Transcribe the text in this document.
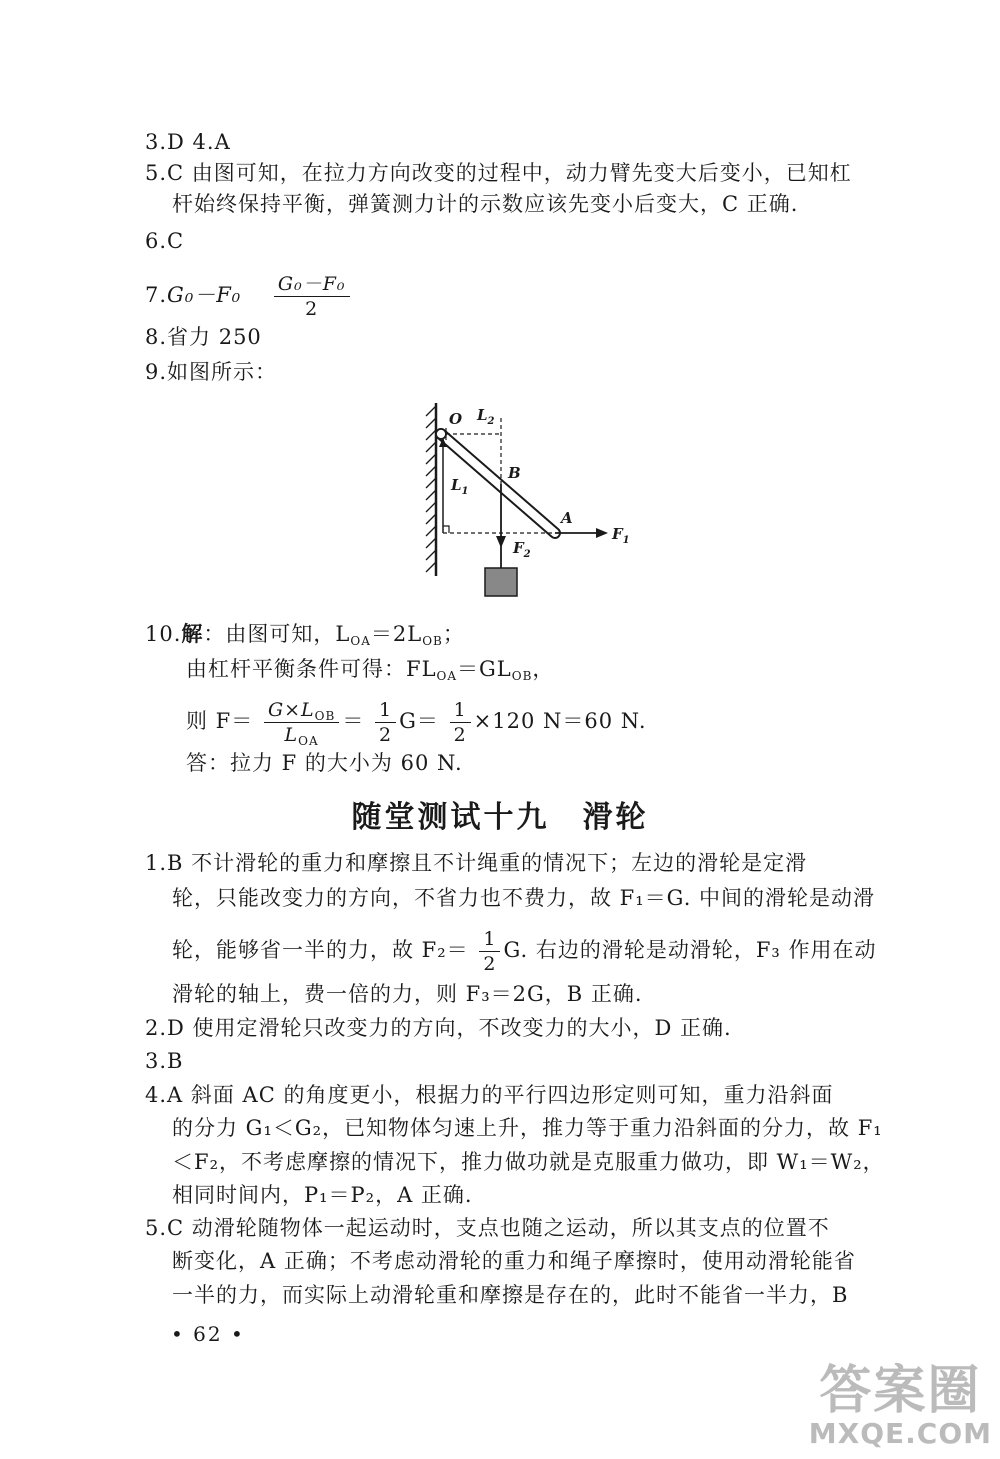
3.D 4.A
5.C 由图可知，在拉力方向改变的过程中，动力臂先变大后变小，已知杠
杆始终保持平衡，弹簧测力计的示数应该先变小后变大，C 正确.
6.C
$7.G_0-F_0 \frac{\text{G₀－F₀}}{2}$
8.省力 250
9.如图所示：
O $L_2$
B
$L_1$
A
$F_1$
$F_2$
10.解：由图可知，$L_{OA}=2L_{OB}$；
由杠杆平衡条件可得：$FL_{OA}=GL_{OB}$，
则 $F= \frac{G\times L_{OB}}{L_{OA}} = \frac{1}{2} G= \frac{1}{2} \times 120$ N＝60 N.
答：拉力 F 的大小为 60 N.
随堂测试十九　滑轮
1.B 不计滑轮的重力和摩擦且不计绳重的情况下；左边的滑轮是定滑
轮，只能改变力的方向，不省力也不费力，故 F₁＝G. 中间的滑轮是动滑
轮，能够省一半的力，故 $F_2= \frac{1}{2} G$. 右边的滑轮是动滑轮，F₃ 作用在动
滑轮的轴上，费一倍的力，则 F₃＝2G，B 正确.
2.D 使用定滑轮只改变力的方向，不改变力的大小，D 正确.
3.B
4.A 斜面 AC 的角度更小，根据力的平行四边形定则可知，重力沿斜面
的分力 G₁＜G₂，已知物体匀速上升，推力等于重力沿斜面的分力，故 F₁
＜F₂，不考虑摩擦的情况下，推力做功就是克服重力做功，即 W₁＝W₂，
相同时间内，P₁＝P₂，A 正确.
5.C 动滑轮随物体一起运动时，支点也随之运动，所以其支点的位置不
断变化，A 正确；不考虑动滑轮的重力和绳子摩擦时，使用动滑轮能省
一半的力，而实际上动滑轮重和摩擦是存在的，此时不能省一半力，B
• 62 •
答案圈
MXQE.COM
